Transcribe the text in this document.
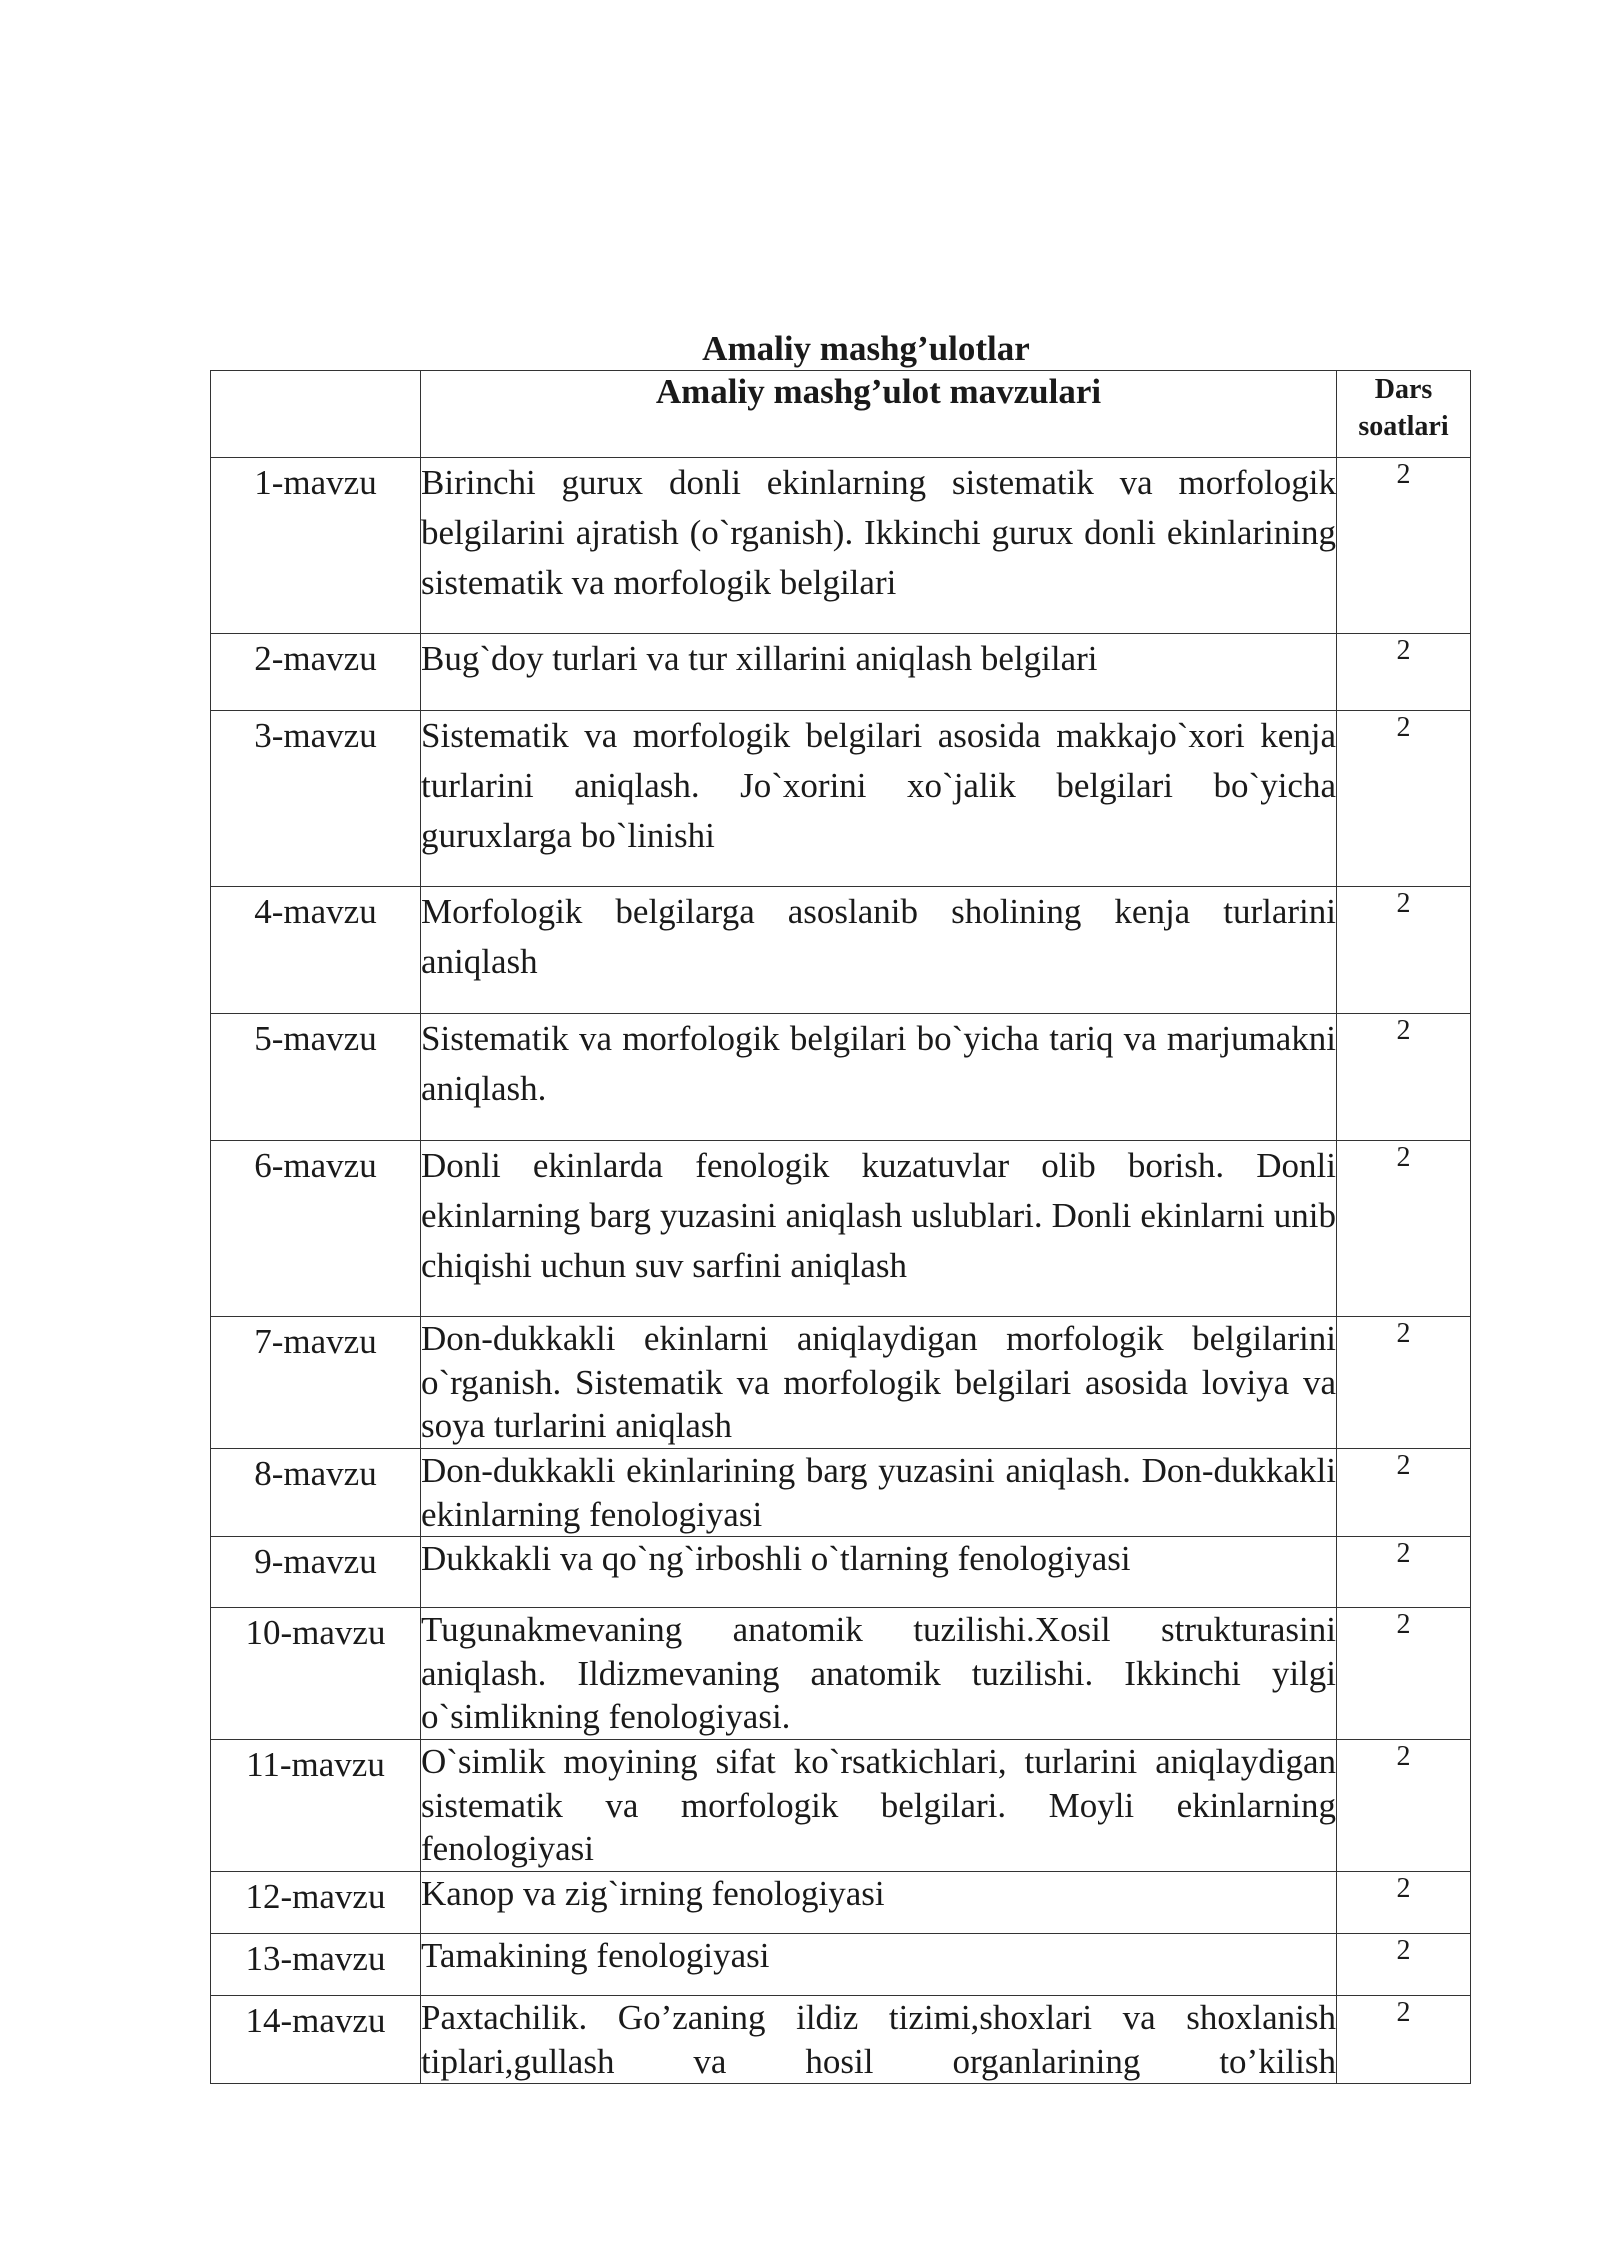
Amaliy mashg’ulotlar
	Amaliy mashg’ulot mavzulari	Dars
soatlari

1-mavzu	Birinchi gurux donli ekinlarning sistematik va morfologik belgilarini ajratish (o`rganish). Ikkinchi gurux donli ekinlarining sistematik va morfologik belgilari	2
2-mavzu	Bug`doy turlari va tur xillarini aniqlash belgilari	2
3-mavzu	Sistematik va morfologik belgilari asosida makkajo`xori kenja turlarini aniqlash. Jo`xorini xo`jalik belgilari bo`yicha guruxlarga bo`linishi	2
4-mavzu	Morfologik belgilarga asoslanib sholining kenja turlarini aniqlash	2
5-mavzu	Sistematik va morfologik belgilari bo`yicha tariq va marjumakni aniqlash.	2
6-mavzu	Donli ekinlarda fenologik kuzatuvlar olib borish. Donli ekinlarning barg yuzasini aniqlash uslublari. Donli ekinlarni unib chiqishi uchun suv sarfini aniqlash	2
7-mavzu	Don-dukkakli ekinlarni aniqlaydigan morfologik belgilarini o`rganish. Sistematik va morfologik belgilari asosida loviya va soya turlarini aniqlash	2
8-mavzu	Don-dukkakli ekinlarining barg yuzasini aniqlash. Don-dukkakli ekinlarning fenologiyasi	2
9-mavzu	Dukkakli va qo`ng`irboshli o`tlarning fenologiyasi	2
10-mavzu	Tugunakmevaning anatomik tuzilishi.Xosil strukturasini aniqlash. Ildizmevaning anatomik tuzilishi. Ikkinchi yilgi o`simlikning fenologiyasi.	2
11-mavzu	O`simlik moyining sifat ko`rsatkichlari, turlarini aniqlaydigan sistematik va morfologik belgilari. Moyli ekinlarning fenologiyasi	2
12-mavzu	Kanop va zig`irning fenologiyasi	2
13-mavzu	Tamakining fenologiyasi	2
14-mavzu	Paxtachilik. Go’zaning ildiz tizimi,shoxlari va shoxlanish tiplari,gullash va hosil organlarining to’kilish	2
